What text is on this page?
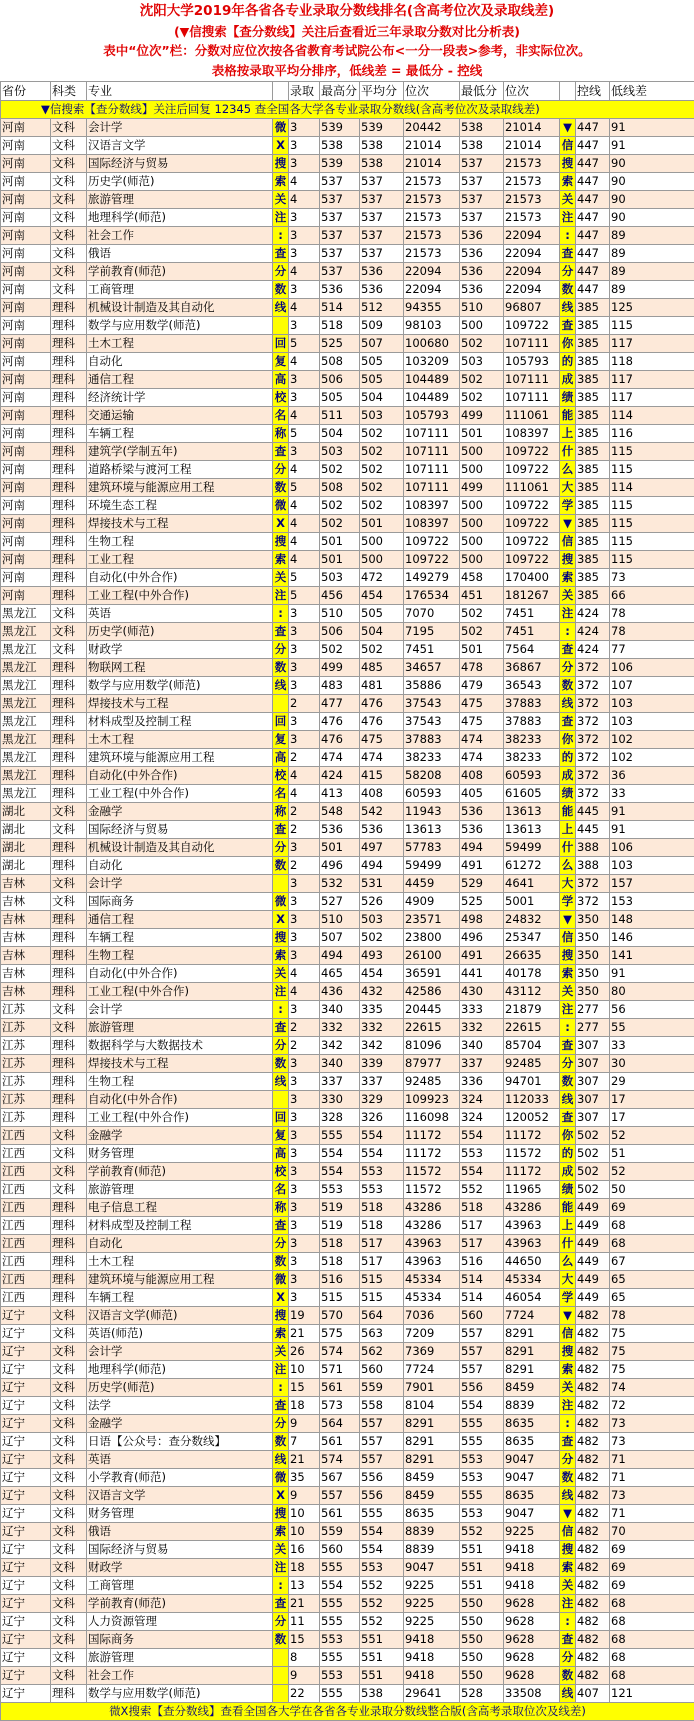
沈阳大学2019年各省各专业录取分数线排名(含高考位次及录取线差)
(▼信搜索【查分数线】关注后查看近三年录取分数对比分析表)
表中“位次”栏：分数对应位次按各省教育考试院公布<一分一段表>参考，非实际位次。
表格按录取平均分排序，低线差 = 最低分 - 控线
省份	科类	专业		录取	最高分	平均分	位次	最低分	位次		控线	低线差
▼信搜索【查分数线】关注后回复 12345 查全国各大学各专业录取分数线(含高考位次及录取线差)												
河南	文科	会计学	微	3	539	539	20442	538	21014	▼	447	91
河南	文科	汉语言文学	X	3	538	538	21014	538	21014	信	447	91
河南	文科	国际经济与贸易	搜	3	539	538	21014	537	21573	搜	447	90
河南	文科	历史学(师范)	索	4	537	537	21573	537	21573	索	447	90
河南	文科	旅游管理	关	4	537	537	21573	537	21573	关	447	90
河南	文科	地理科学(师范)	注	3	537	537	21573	537	21573	注	447	90
河南	文科	社会工作	:	3	537	537	21573	536	22094	:	447	89
河南	文科	俄语	查	3	537	537	21573	536	22094	查	447	89
河南	文科	学前教育(师范)	分	4	537	536	22094	536	22094	分	447	89
河南	文科	工商管理	数	3	536	536	22094	536	22094	数	447	89
河南	理科	机械设计制造及其自动化	线	4	514	512	94355	510	96807	线	385	125
河南	理科	数学与应用数学(师范)		3	518	509	98103	500	109722	查	385	115
河南	理科	土木工程	回	5	525	507	100680	502	107111	你	385	117
河南	理科	自动化	复	4	508	505	103209	503	105793	的	385	118
河南	理科	通信工程	高	3	506	505	104489	502	107111	成	385	117
河南	理科	经济统计学	校	3	505	504	104489	502	107111	绩	385	117
河南	理科	交通运输	名	4	511	503	105793	499	111061	能	385	114
河南	理科	车辆工程	称	5	504	502	107111	501	108397	上	385	116
河南	理科	建筑学(学制五年)	查	3	503	502	107111	500	109722	什	385	115
河南	理科	道路桥梁与渡河工程	分	4	502	502	107111	500	109722	么	385	115
河南	理科	建筑环境与能源应用工程	数	5	508	502	107111	499	111061	大	385	114
河南	理科	环境生态工程	微	4	502	502	108397	500	109722	学	385	115
河南	理科	焊接技术与工程	X	4	502	501	108397	500	109722	▼	385	115
河南	理科	生物工程	搜	4	501	500	109722	500	109722	信	385	115
河南	理科	工业工程	索	4	501	500	109722	500	109722	搜	385	115
河南	理科	自动化(中外合作)	关	5	503	472	149279	458	170400	索	385	73
河南	理科	工业工程(中外合作)	注	5	456	454	176534	451	181267	关	385	66
黑龙江	文科	英语	:	3	510	505	7070	502	7451	注	424	78
黑龙江	文科	历史学(师范)	查	3	506	504	7195	502	7451	:	424	78
黑龙江	文科	财政学	分	3	502	502	7451	501	7564	查	424	77
黑龙江	理科	物联网工程	数	3	499	485	34657	478	36867	分	372	106
黑龙江	理科	数学与应用数学(师范)	线	3	483	481	35886	479	36543	数	372	107
黑龙江	理科	焊接技术与工程		2	477	476	37543	475	37883	线	372	103
黑龙江	理科	材料成型及控制工程	回	3	476	476	37543	475	37883	查	372	103
黑龙江	理科	土木工程	复	3	476	475	37883	474	38233	你	372	102
黑龙江	理科	建筑环境与能源应用工程	高	2	474	474	38233	474	38233	的	372	102
黑龙江	理科	自动化(中外合作)	校	4	424	415	58208	408	60593	成	372	36
黑龙江	理科	工业工程(中外合作)	名	4	413	408	60593	405	61605	绩	372	33
湖北	文科	金融学	称	2	548	542	11943	536	13613	能	445	91
湖北	文科	国际经济与贸易	查	2	536	536	13613	536	13613	上	445	91
湖北	理科	机械设计制造及其自动化	分	3	501	497	57783	494	59499	什	388	106
湖北	理科	自动化	数	2	496	494	59499	491	61272	么	388	103
吉林	文科	会计学		3	532	531	4459	529	4641	大	372	157
吉林	文科	国际商务	微	3	527	526	4909	525	5001	学	372	153
吉林	理科	通信工程	X	3	510	503	23571	498	24832	▼	350	148
吉林	理科	车辆工程	搜	3	507	502	23800	496	25347	信	350	146
吉林	理科	生物工程	索	3	494	493	26100	491	26635	搜	350	141
吉林	理科	自动化(中外合作)	关	4	465	454	36591	441	40178	索	350	91
吉林	理科	工业工程(中外合作)	注	4	436	432	42586	430	43112	关	350	80
江苏	文科	会计学	:	3	340	335	20445	333	21879	注	277	56
江苏	文科	旅游管理	查	2	332	332	22615	332	22615	:	277	55
江苏	理科	数据科学与大数据技术	分	2	342	342	81096	340	85704	查	307	33
江苏	理科	焊接技术与工程	数	3	340	339	87977	337	92485	分	307	30
江苏	理科	生物工程	线	3	337	337	92485	336	94701	数	307	29
江苏	理科	自动化(中外合作)		3	330	329	109923	324	112033	线	307	17
江苏	理科	工业工程(中外合作)	回	3	328	326	116098	324	120052	查	307	17
江西	文科	金融学	复	3	555	554	11172	554	11172	你	502	52
江西	文科	财务管理	高	3	554	554	11172	553	11572	的	502	51
江西	文科	学前教育(师范)	校	3	554	553	11572	554	11172	成	502	52
江西	文科	旅游管理	名	3	553	553	11572	552	11965	绩	502	50
江西	理科	电子信息工程	称	3	519	518	43286	518	43286	能	449	69
江西	理科	材料成型及控制工程	查	3	519	518	43286	517	43963	上	449	68
江西	理科	自动化	分	3	518	517	43963	517	43963	什	449	68
江西	理科	土木工程	数	3	518	517	43963	516	44650	么	449	67
江西	理科	建筑环境与能源应用工程	微	3	516	515	45334	514	45334	大	449	65
江西	理科	车辆工程	X	3	515	515	45334	514	46054	学	449	65
辽宁	文科	汉语言文学(师范)	搜	19	570	564	7036	560	7724	▼	482	78
辽宁	文科	英语(师范)	索	21	575	563	7209	557	8291	信	482	75
辽宁	文科	会计学	关	26	574	562	7369	557	8291	搜	482	75
辽宁	文科	地理科学(师范)	注	10	571	560	7724	557	8291	索	482	75
辽宁	文科	历史学(师范)	:	15	561	559	7901	556	8459	关	482	74
辽宁	文科	法学	查	18	573	558	8104	554	8839	注	482	72
辽宁	文科	金融学	分	9	564	557	8291	555	8635	:	482	73
辽宁	文科	日语【公众号：查分数线】	数	7	561	557	8291	555	8635	查	482	73
辽宁	文科	英语	线	21	574	557	8291	553	9047	分	482	71
辽宁	文科	小学教育(师范)	微	35	567	556	8459	553	9047	数	482	71
辽宁	文科	汉语言文学	X	9	557	556	8459	555	8635	线	482	73
辽宁	文科	财务管理	搜	10	561	555	8635	553	9047	▼	482	71
辽宁	文科	俄语	索	10	559	554	8839	552	9225	信	482	70
辽宁	文科	国际经济与贸易	关	16	560	554	8839	551	9418	搜	482	69
辽宁	文科	财政学	注	18	555	553	9047	551	9418	索	482	69
辽宁	文科	工商管理	:	13	554	552	9225	551	9418	关	482	69
辽宁	文科	学前教育(师范)	查	21	555	552	9225	550	9628	注	482	68
辽宁	文科	人力资源管理	分	11	555	552	9225	550	9628	:	482	68
辽宁	文科	国际商务	数	15	553	551	9418	550	9628	查	482	68
辽宁	文科	旅游管理		8	555	551	9418	550	9628	分	482	68
辽宁	文科	社会工作		9	553	551	9418	550	9628	数	482	68
辽宁	理科	数学与应用数学(师范)		22	555	538	29641	528	33508	线	407	121
微X搜索【查分数线】查看全国各大学在各省各专业录取分数线整合版(含高考录取位次及线差)												
